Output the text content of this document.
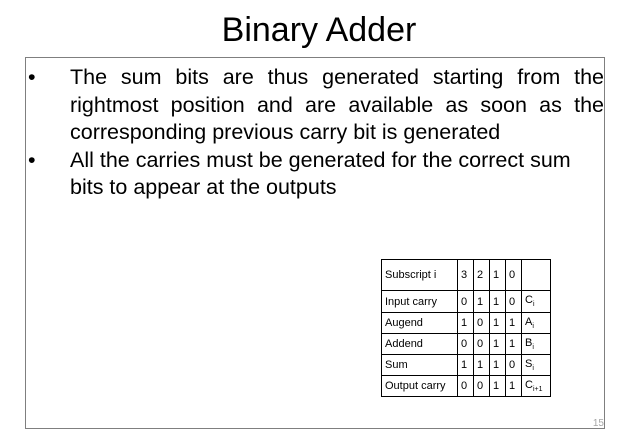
Binary Adder
• The sum bits are thus generated starting from the rightmost position and are available as soon as the corresponding previous carry bit is generated
• All the carries must be generated for the correct sum bits to appear at the outputs
Subscript i	3	2	1	0	
Input carry	0	1	1	0	$C_i$
Augend	1	0	1	1	$A_i$
Addend	0	0	1	1	$B_i$
Sum	1	1	1	0	$S_i$
Output carry	0	0	1	1	$C_{i+1}$
15
